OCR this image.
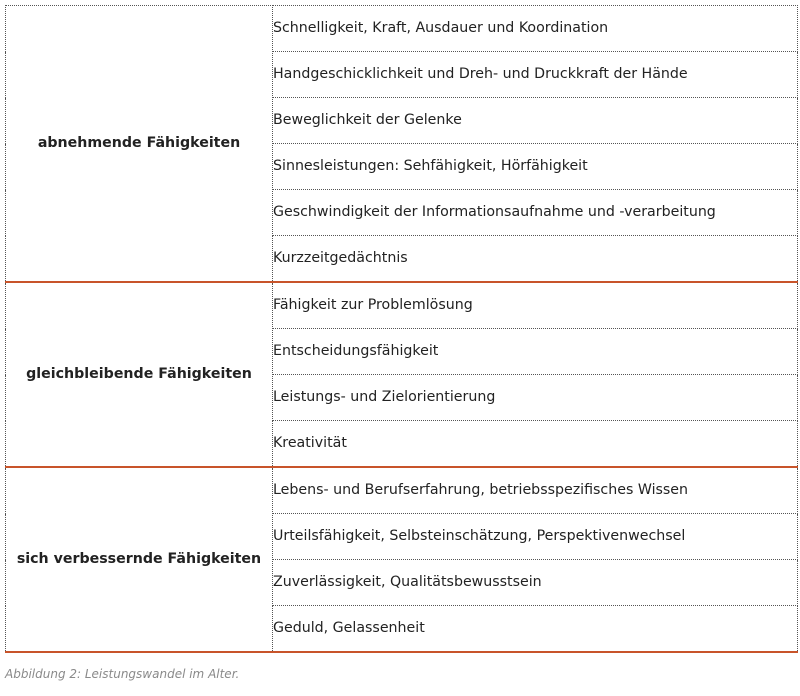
abnehmende Fähigkeiten	Schnelligkeit, Kraft, Ausdauer und Koordination
	Handgeschicklichkeit und Dreh- und Druckkraft der Hände
	Beweglichkeit der Gelenke
	Sinnesleistungen: Sehfähigkeit, Hörfähigkeit
	Geschwindigkeit der Informationsaufnahme und -verarbeitung
	Kurzzeitgedächtnis
gleichbleibende Fähigkeiten	Fähigkeit zur Problemlösung
	Entscheidungsfähigkeit
	Leistungs- und Zielorientierung
	Kreativität
sich verbessernde Fähigkeiten	Lebens- und Berufserfahrung, betriebsspezifisches Wissen
	Urteilsfähigkeit, Selbsteinschätzung, Perspektivenwechsel
	Zuverlässigkeit, Qualitätsbewusstsein
	Geduld, Gelassenheit
Abbildung 2: Leistungswandel im Alter.
